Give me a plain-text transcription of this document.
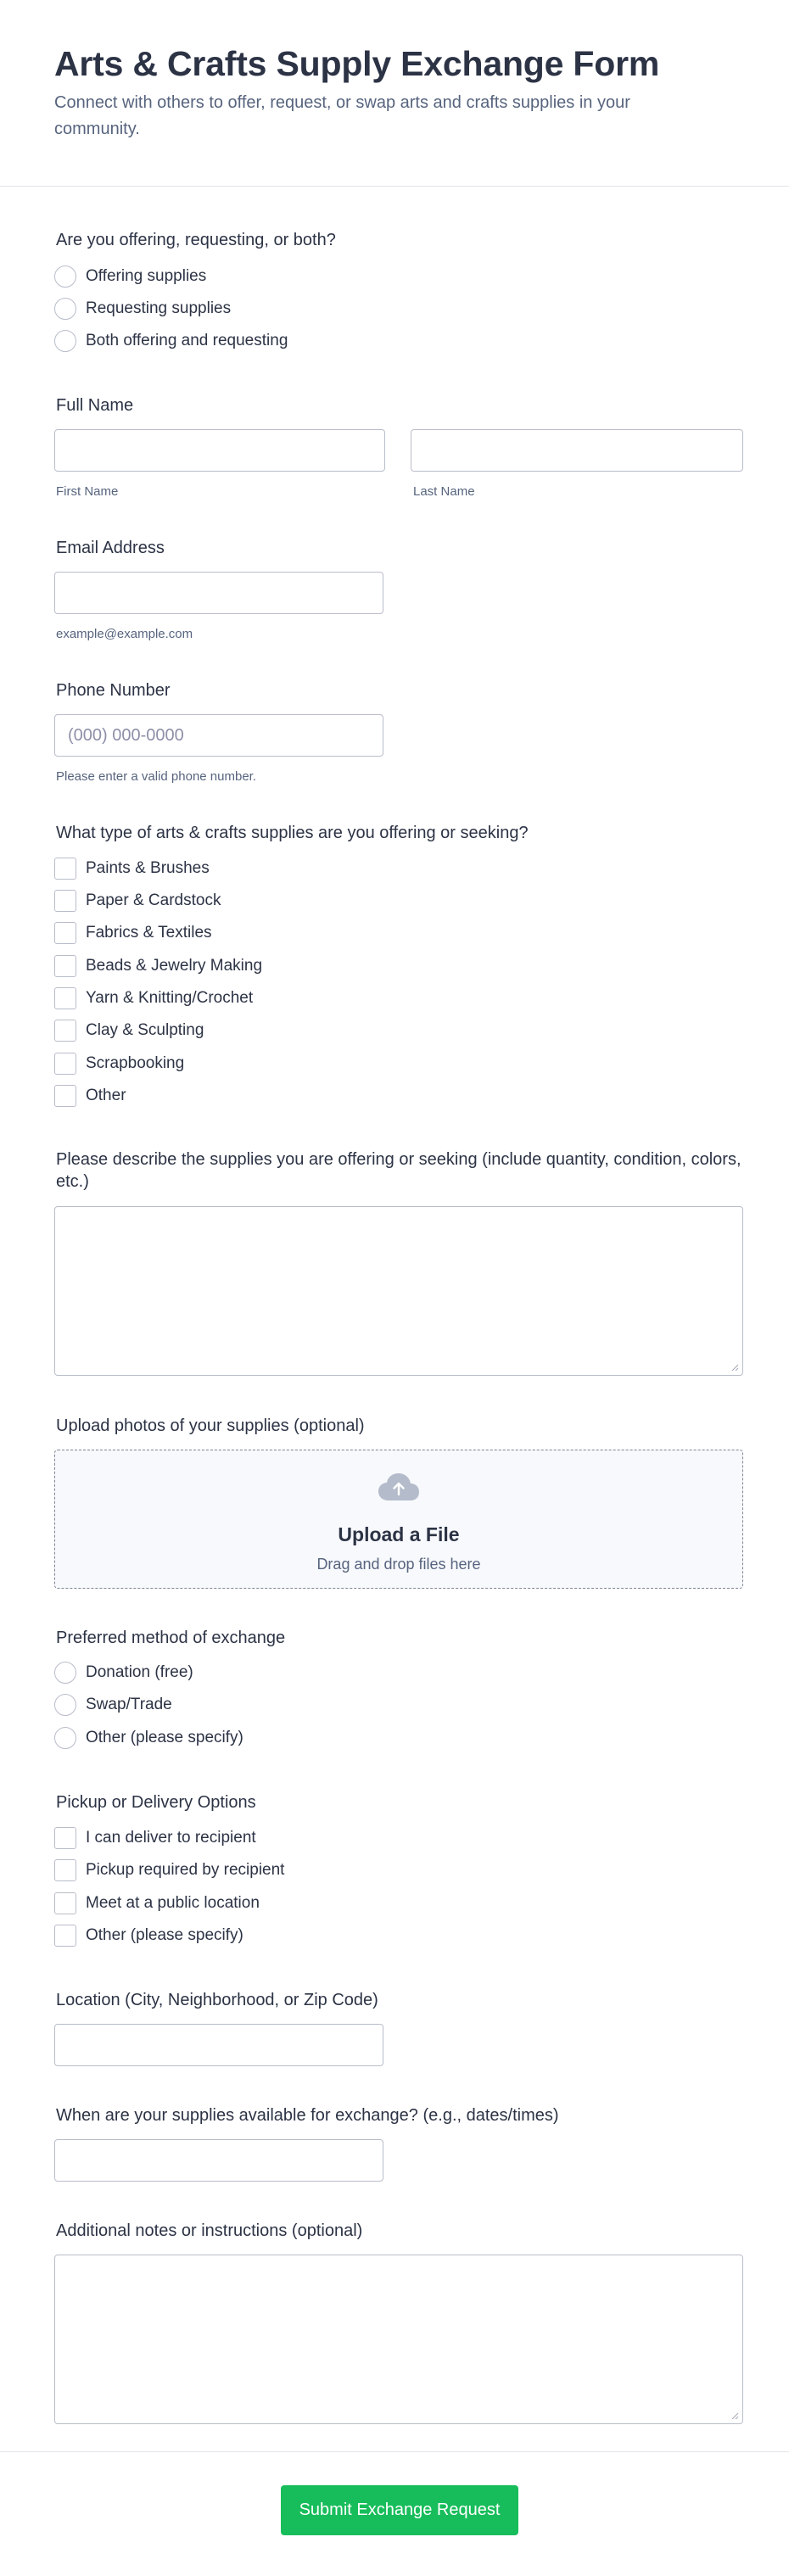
Arts & Crafts Supply Exchange Form
Connect with others to offer, request, or swap arts and crafts supplies in your community.
Are you offering, requesting, or both?
Offering supplies
Requesting supplies
Both offering and requesting
Full Name
First Name	Last Name
Email Address
example@example.com
Phone Number
(000) 000-0000
Please enter a valid phone number.
What type of arts & crafts supplies are you offering or seeking?
Paints & Brushes
Paper & Cardstock
Fabrics & Textiles
Beads & Jewelry Making
Yarn & Knitting/Crochet
Clay & Sculpting
Scrapbooking
Other
Please describe the supplies you are offering or seeking (include quantity, condition, colors, etc.)
Upload photos of your supplies (optional)
Upload a File
Drag and drop files here
Preferred method of exchange
Donation (free)
Swap/Trade
Other (please specify)
Pickup or Delivery Options
I can deliver to recipient
Pickup required by recipient
Meet at a public location
Other (please specify)
Location (City, Neighborhood, or Zip Code)
When are your supplies available for exchange? (e.g., dates/times)
Additional notes or instructions (optional)
Submit Exchange Request
